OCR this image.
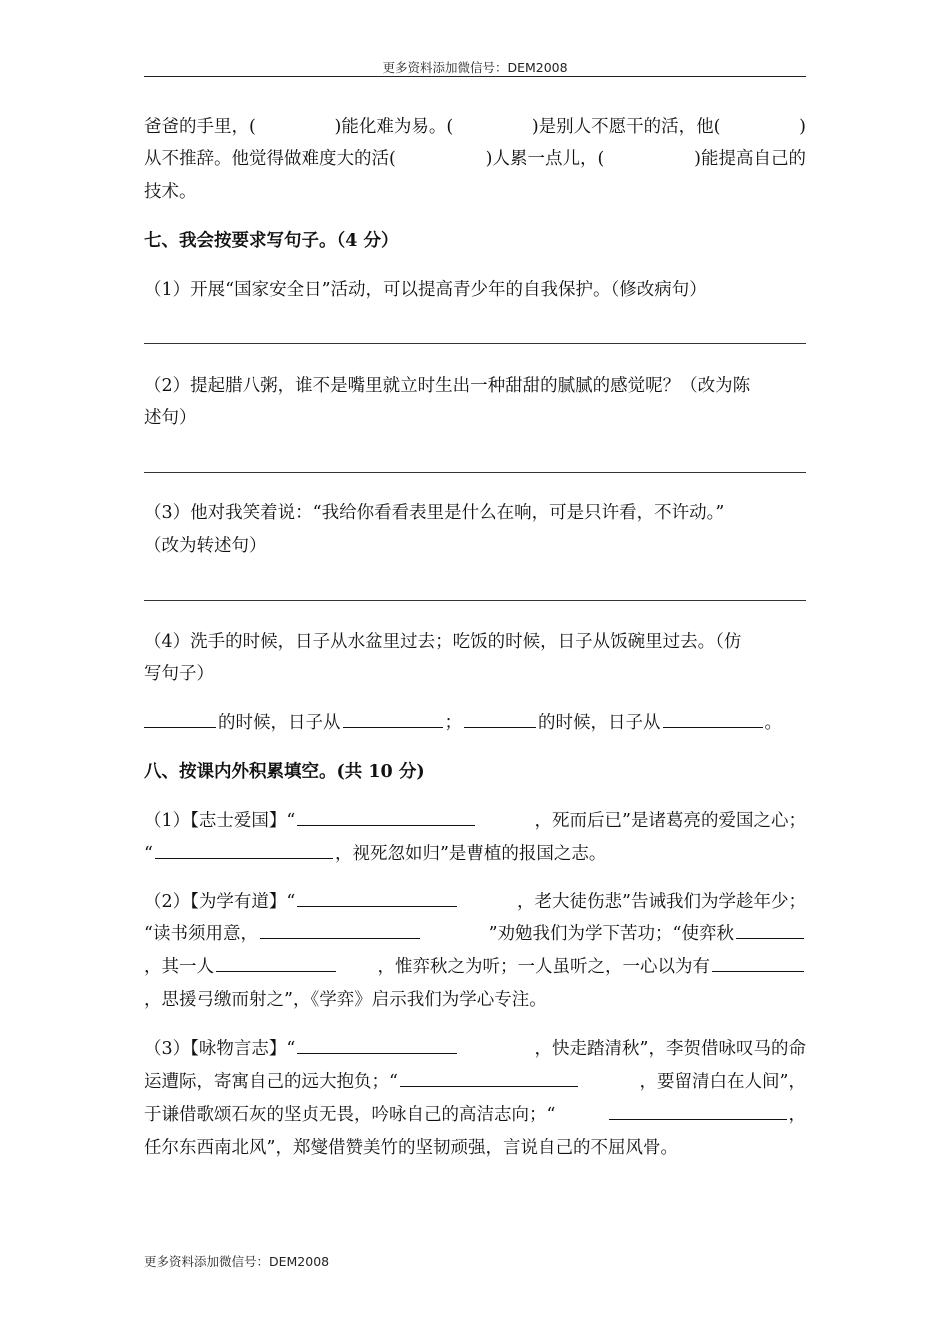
更多资料添加微信号：DEM2008
爸爸的手里，(	)能化难为易。(	)是别人不愿干的活，他(	)
从不推辞。他觉得做难度大的活(	)人累一点儿，(	)能提高自己的
技术。
七、我会按要求写句子。（4 分）
（1）开展“国家安全日”活动，可以提高青少年的自我保护。（修改病句）
（2）提起腊八粥，谁不是嘴里就立时生出一种甜甜的腻腻的感觉呢？（改为陈
述句）
（3）他对我笑着说：“我给你看看表里是什么在响，可是只许看，不许动。”
（改为转述句）
（4）洗手的时候，日子从水盆里过去；吃饭的时候，日子从饭碗里过去。（仿
写句子）
的时候，日子从	；	的时候，日子从	。
八、按课内外积累填空。(共 10 分)
（1）【志士爱国】“	，死而后已”是诸葛亮的爱国之心；
“	，视死忽如归”是曹植的报国之志。
（2）【为学有道】“	，老大徒伤悲”告诫我们为学趁年少；
“读书须用意，	”劝勉我们为学下苦功；“使弈秋
，其一人	，惟弈秋之为听；一人虽听之，一心以为有
，思援弓缴而射之”，《学弈》启示我们为学心专注。
（3）【咏物言志】“	，快走踏清秋”，李贺借咏叹马的命
运遭际，寄寓自己的远大抱负；“	，要留清白在人间”，
于谦借歌颂石灰的坚贞无畏，吟咏自己的高洁志向；“	，
任尔东西南北风”，郑燮借赞美竹的坚韧顽强，言说自己的不屈风骨。
更多资料添加微信号：DEM2008
